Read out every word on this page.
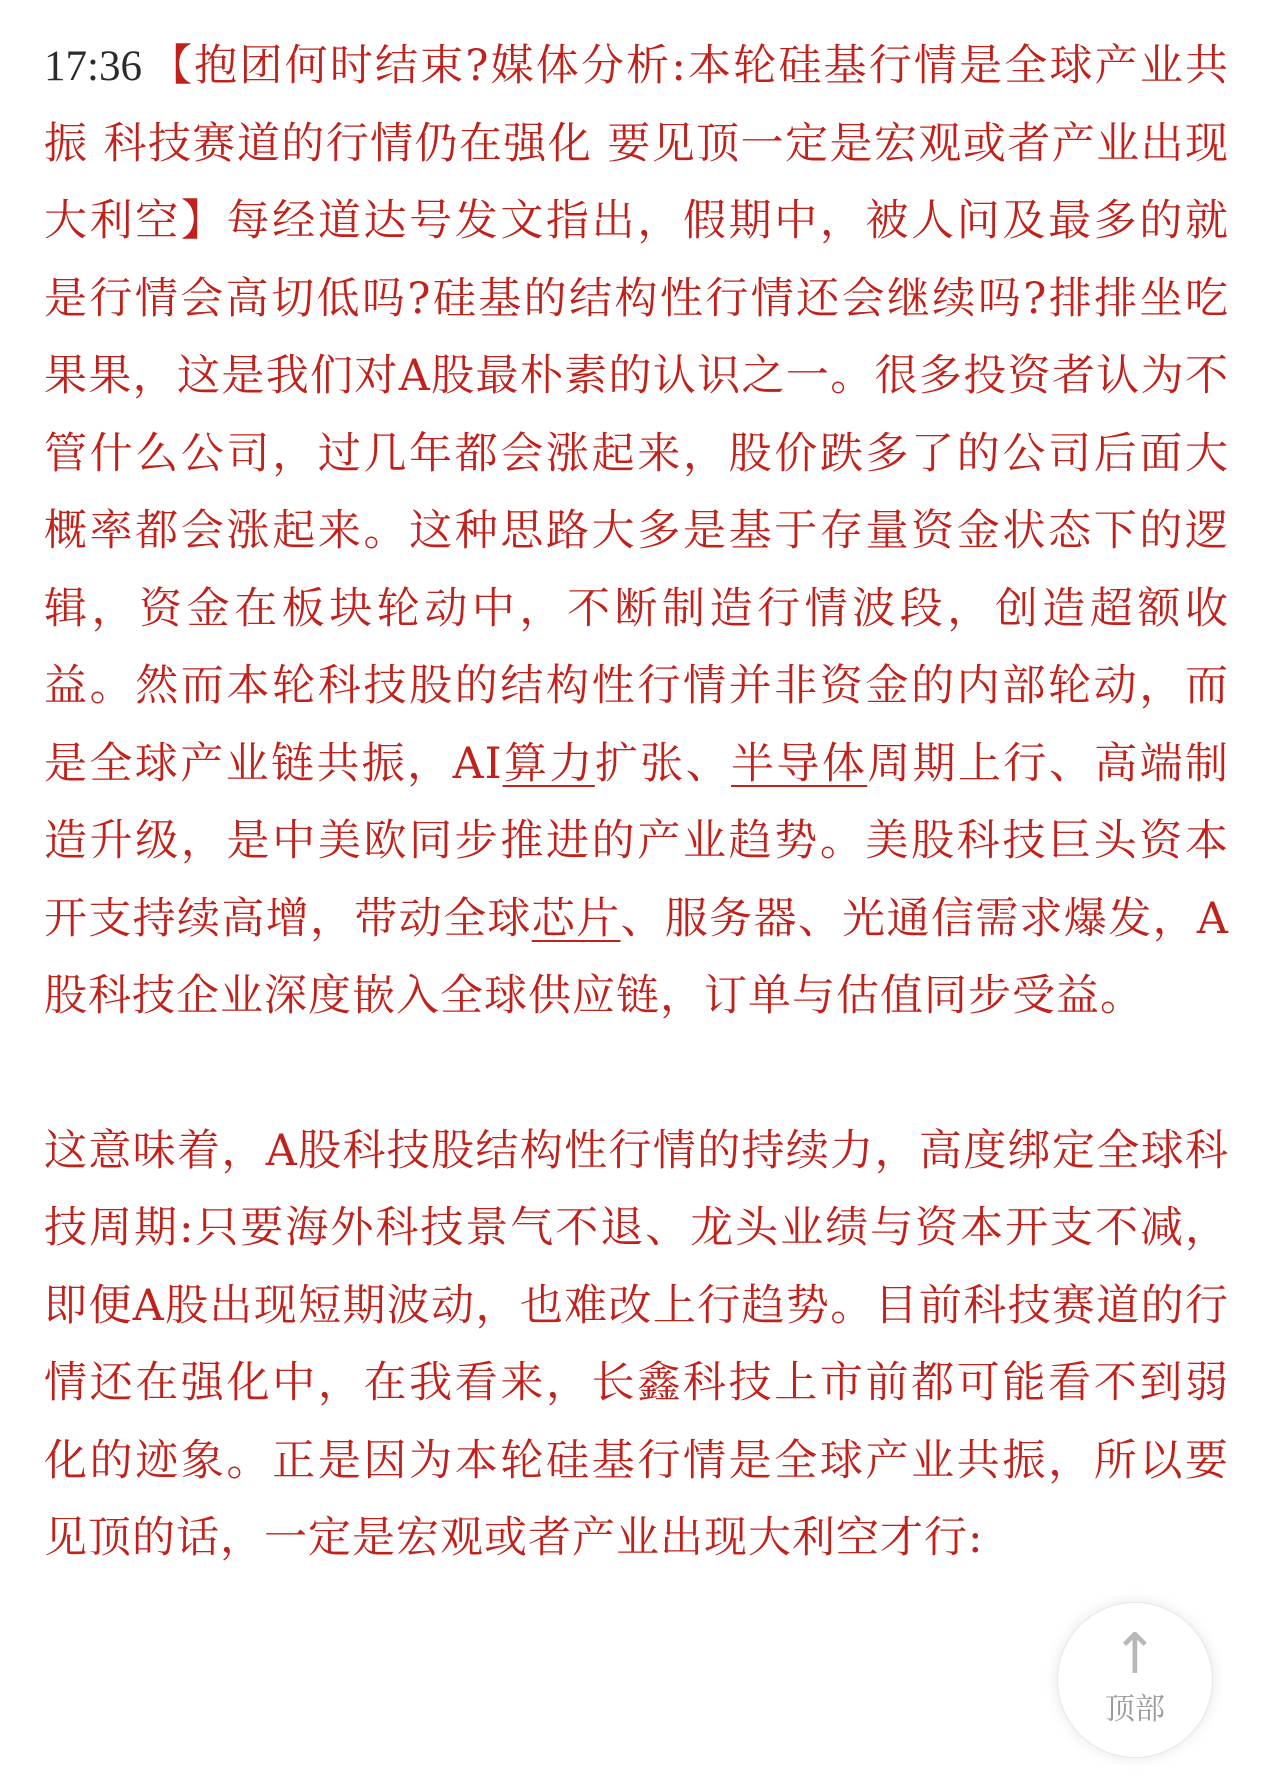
17:36 【抱团何时结束?媒体分析:本轮硅基行情是全球产业共振 科技赛道的行情仍在强化 要见顶一定是宏观或者产业出现大利空】每经道达号发文指出，假期中，被人问及最多的就是行情会高切低吗?硅基的结构性行情还会继续吗?排排坐吃果果，这是我们对A股最朴素的认识之一。很多投资者认为不管什么公司，过几年都会涨起来，股价跌多了的公司后面大概率都会涨起来。这种思路大多是基于存量资金状态下的逻辑，资金在板块轮动中，不断制造行情波段，创造超额收益。然而本轮科技股的结构性行情并非资金的内部轮动，而是全球产业链共振，AI算力扩张、半导体周期上行、高端制造升级，是中美欧同步推进的产业趋势。美股科技巨头资本开支持续高增，带动全球芯片、服务器、光通信需求爆发，A股科技企业深度嵌入全球供应链，订单与估值同步受益。

这意味着，A股科技股结构性行情的持续力，高度绑定全球科技周期:只要海外科技景气不退、龙头业绩与资本开支不减，即便A股出现短期波动，也难改上行趋势。目前科技赛道的行情还在强化中，在我看来，长鑫科技上市前都可能看不到弱化的迹象。正是因为本轮硅基行情是全球产业共振，所以要见顶的话，一定是宏观或者产业出现大利空才行:

↑
顶部
